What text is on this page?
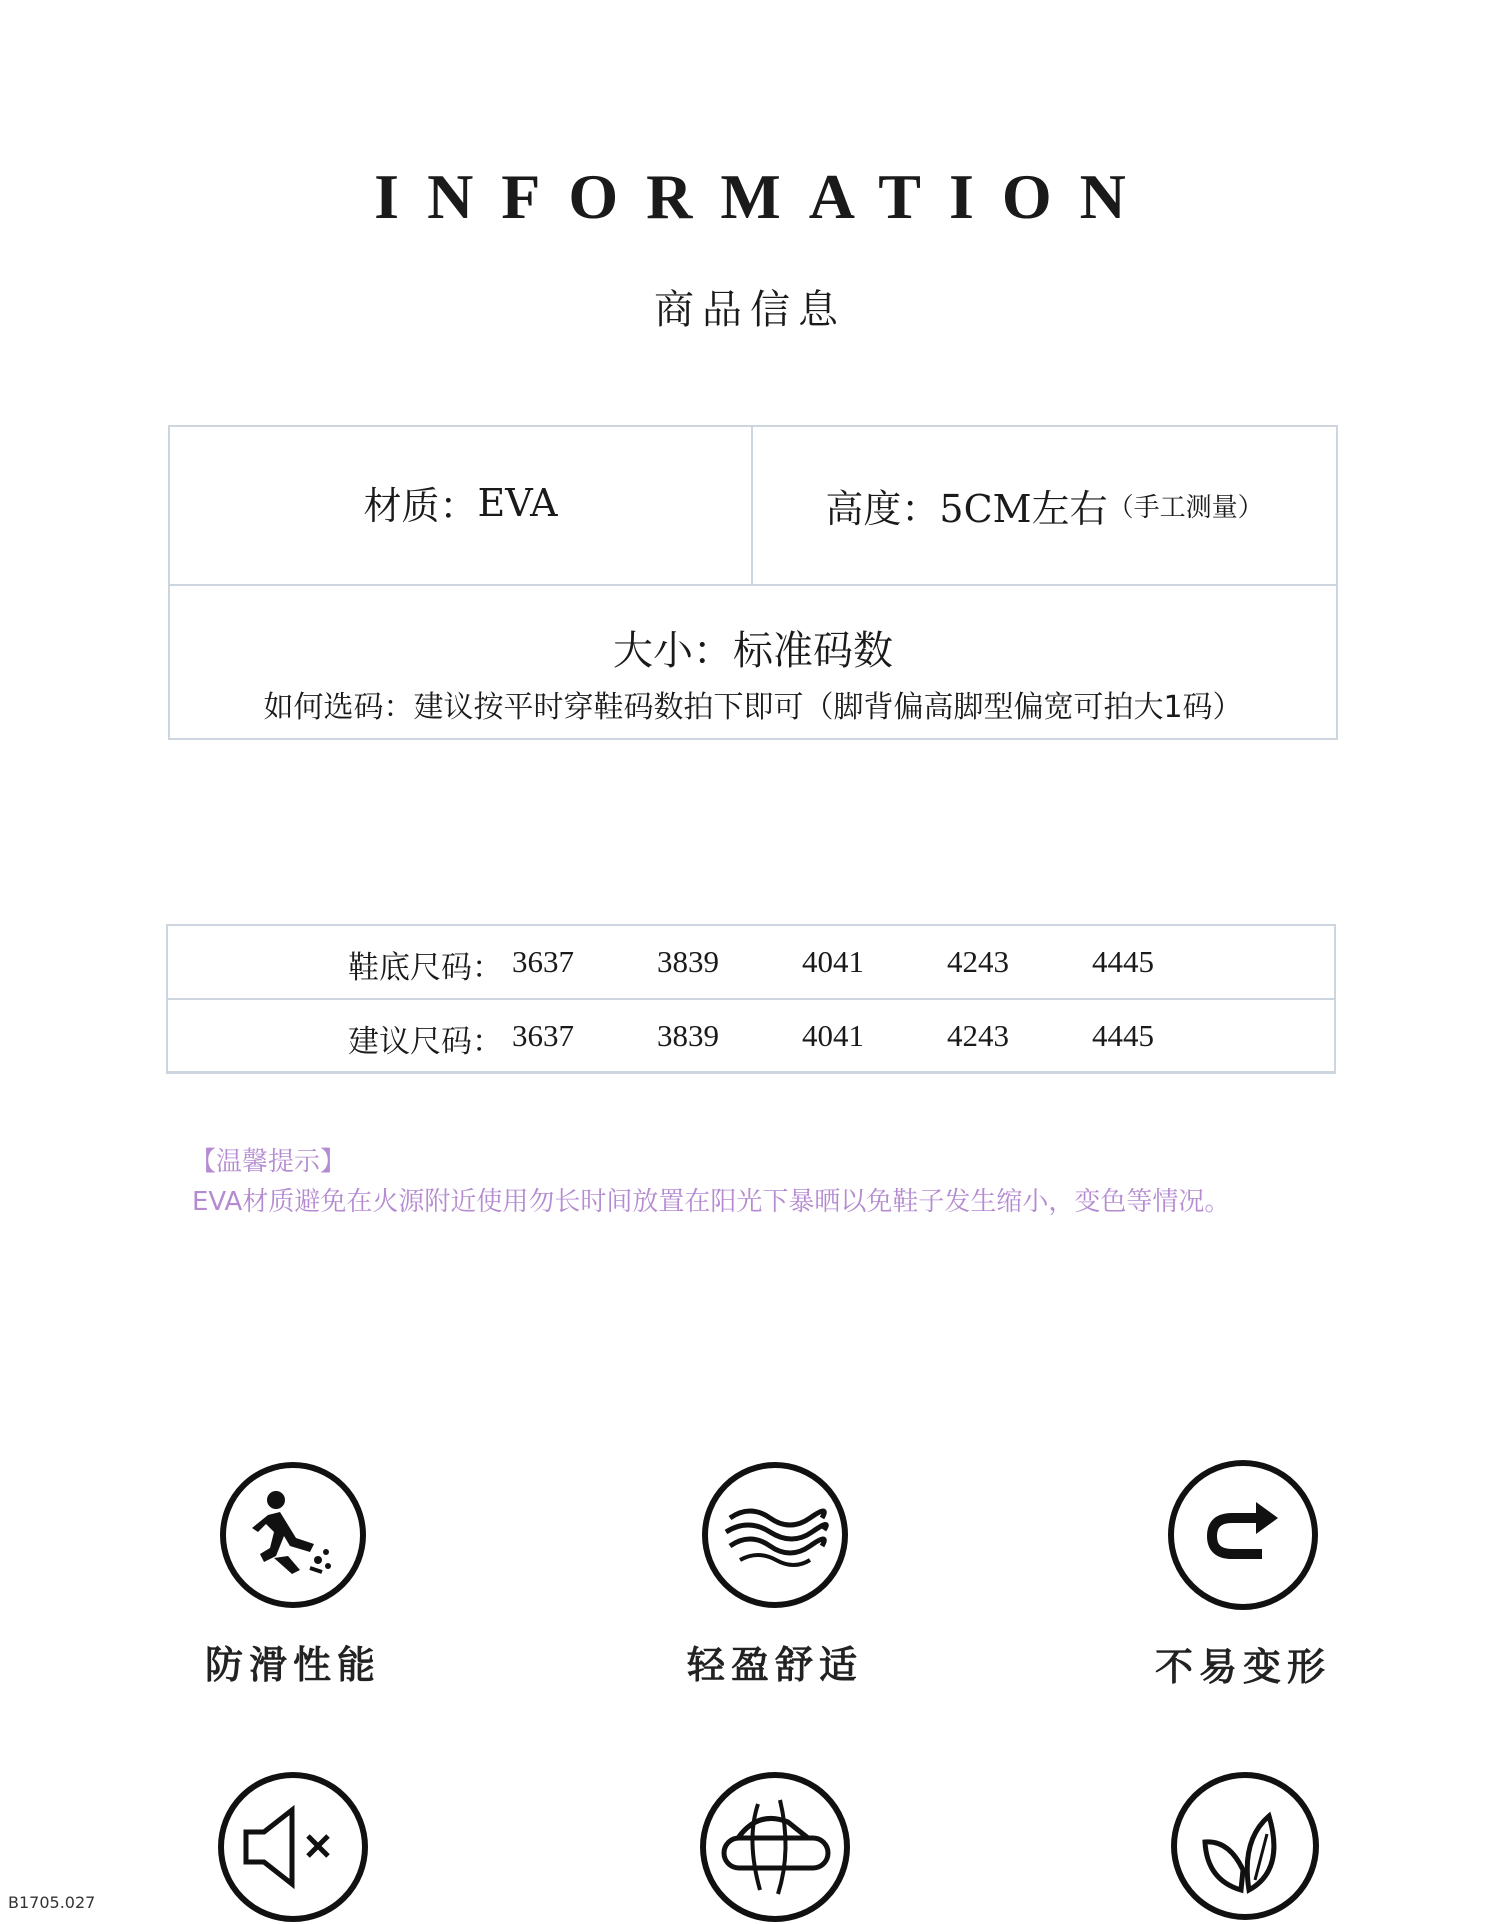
INFORMATION
商品信息
材质： EVA	高度： 5CM左右 （手工测量）
大小：标准码数
如何选码：建议按平时穿鞋码数拍下即可（脚背偏高脚型偏宽可拍大1码）
鞋底尺码： 3637	3839	4041	4243	4445
建议尺码： 3637	3839	4041	4243	4445
【温馨提示】
EVA材质避免在火源附近使用勿长时间放置在阳光下暴晒以免鞋子发生缩小，变色等情况。
防滑性能	轻盈舒适	不易变形
B1705.027
